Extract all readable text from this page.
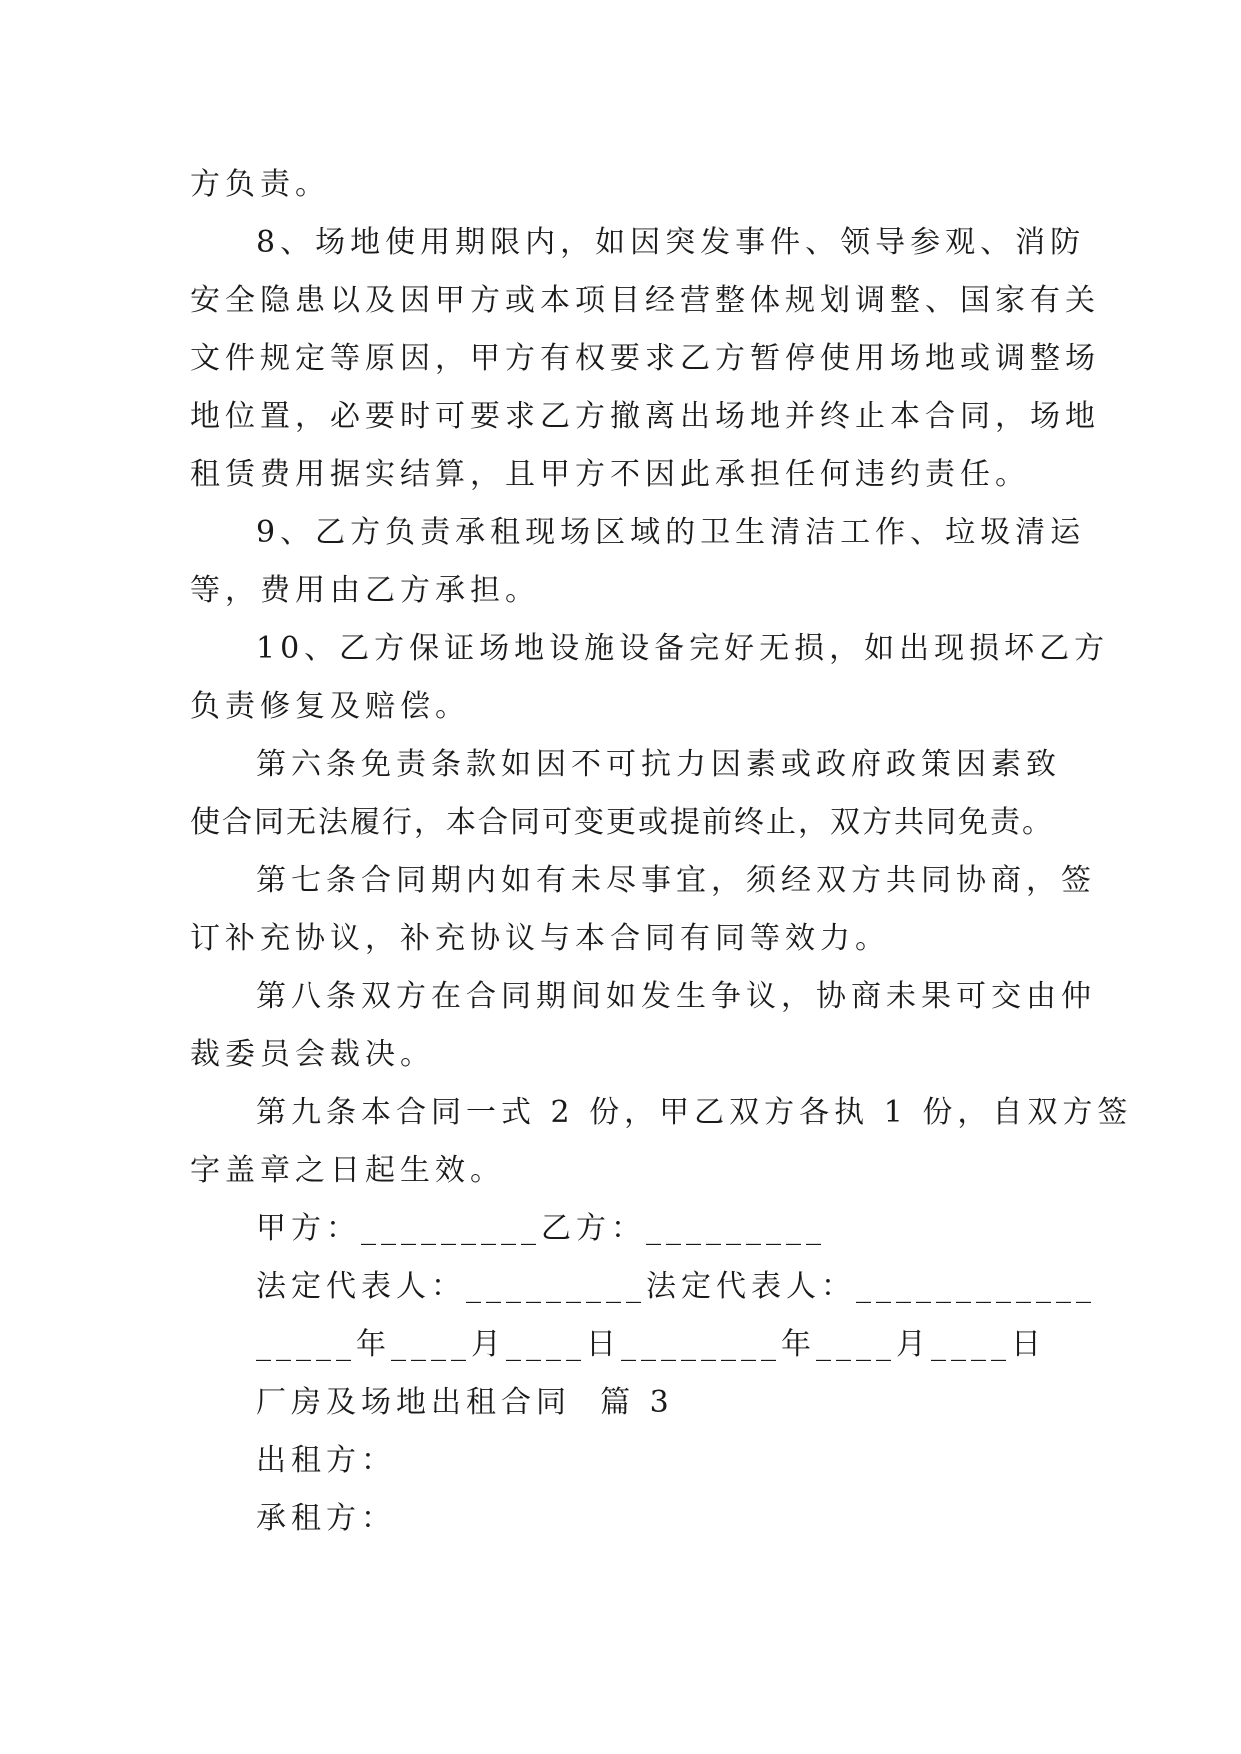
方负责。

8、场地使用期限内，如因突发事件、领导参观、消防
安全隐患以及因甲方或本项目经营整体规划调整、国家有关
文件规定等原因，甲方有权要求乙方暂停使用场地或调整场
地位置，必要时可要求乙方撤离出场地并终止本合同，场地
租赁费用据实结算，且甲方不因此承担任何违约责任。

9、乙方负责承租现场区域的卫生清洁工作、垃圾清运
等，费用由乙方承担。

10、乙方保证场地设施设备完好无损，如出现损坏乙方
负责修复及赔偿。

第六条免责条款如因不可抗力因素或政府政策因素致
使合同无法履行，本合同可变更或提前终止，双方共同免责。

第七条合同期内如有未尽事宜，须经双方共同协商，签
订补充协议，补充协议与本合同有同等效力。

第八条双方在合同期间如发生争议，协商未果可交由仲
裁委员会裁决。

第九条本合同一式 2 份，甲乙双方各执 1 份，自双方签
字盖章之日起生效。

甲方：_________乙方：_________

法定代表人：_________法定代表人：____________

_____年____月____日________年____月____日

厂房及场地出租合同  篇 3

出租方：

承租方：
